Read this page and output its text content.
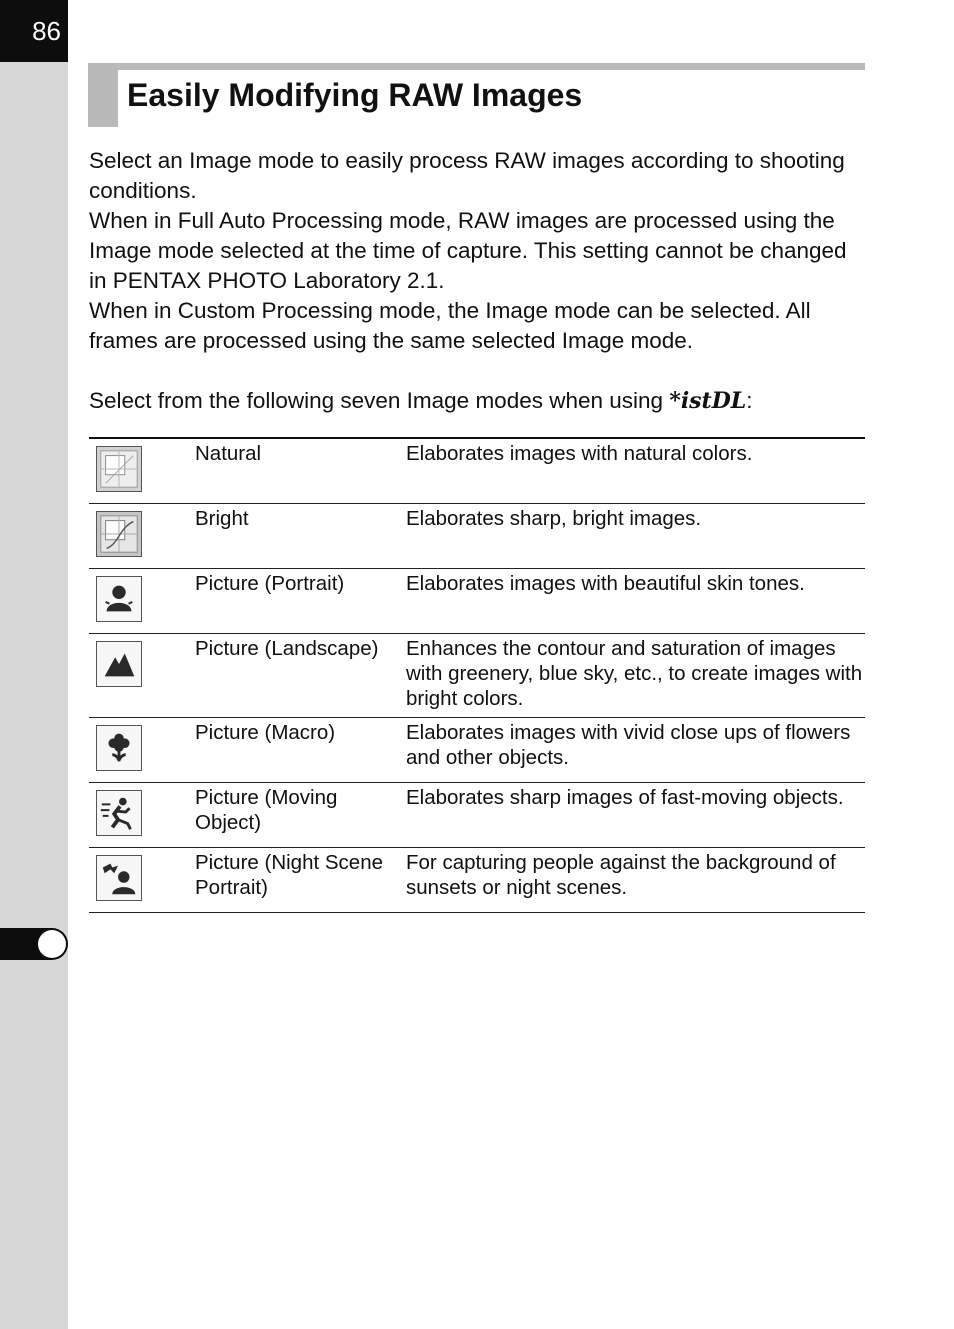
86
Easily Modifying RAW Images

Select an Image mode to easily process RAW images according to shooting conditions.

When in Full Auto Processing mode, RAW images are processed using the Image mode selected at the time of capture. This setting cannot be changed in PENTAX PHOTO Laboratory 2.1.

When in Custom Processing mode, the Image mode can be selected. All frames are processed using the same selected Image mode.

Select from the following seven Image modes when using *istDL:

	Natural	Elaborates images with natural colors.

	Bright	Elaborates sharp, bright images.

	Picture (Portrait)	Elaborates images with beautiful skin tones.

	Picture (Landscape)	Enhances the contour and saturation of images with greenery, blue sky, etc., to create images with bright colors.

	Picture (Macro)	Elaborates images with vivid close ups of flowers and other objects.

	Picture (Moving Object)	Elaborates sharp images of fast-moving objects.

	Picture (Night Scene Portrait)	For capturing people against the background of sunsets or night scenes.
